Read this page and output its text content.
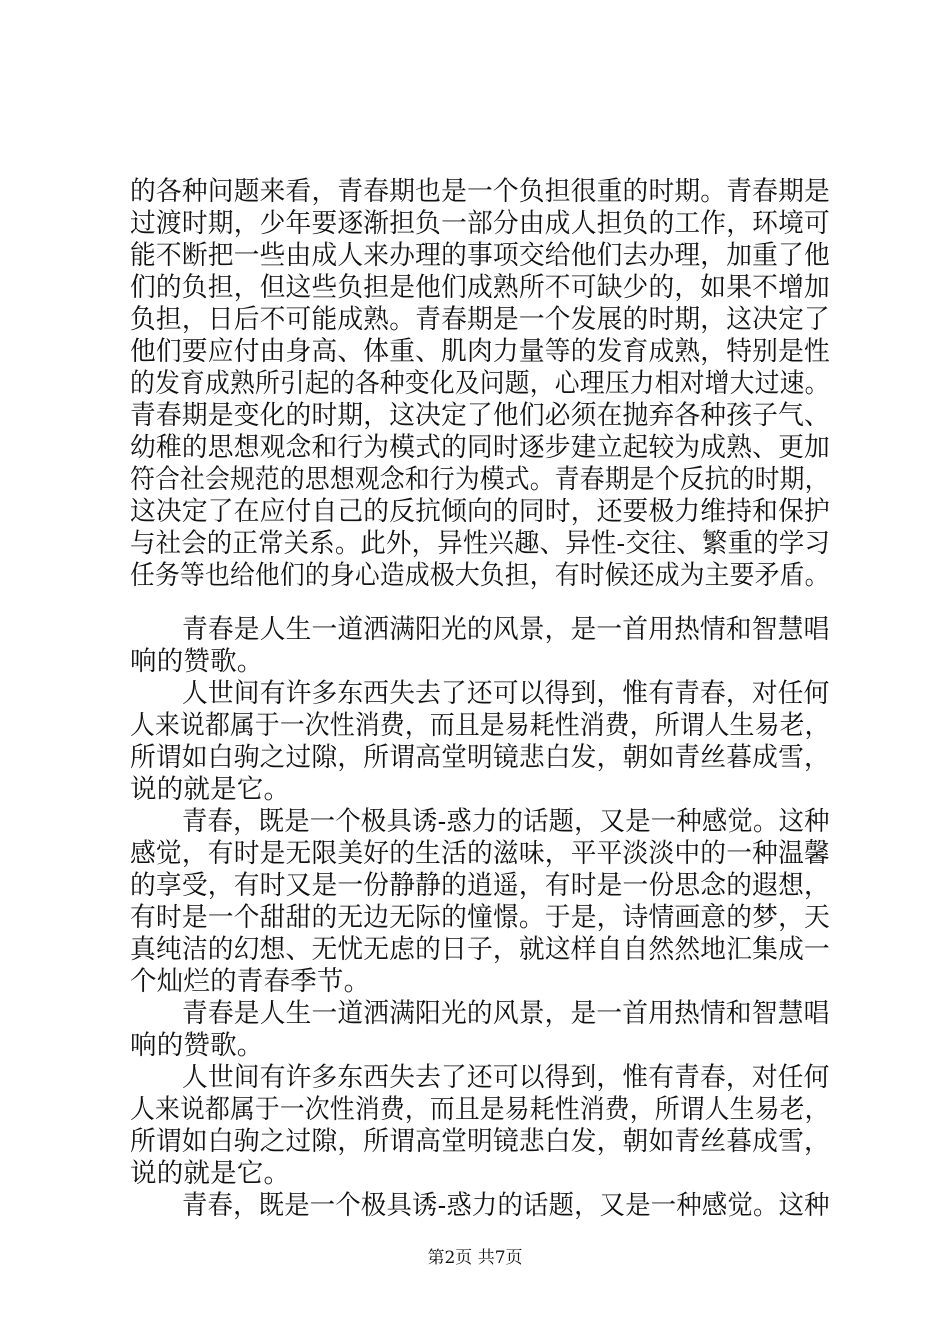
的各种问题来看，青春期也是一个负担很重的时期。青春期是
过渡时期，少年要逐渐担负一部分由成人担负的工作，环境可
能不断把一些由成人来办理的事项交给他们去办理，加重了他
们的负担，但这些负担是他们成熟所不可缺少的，如果不增加
负担，日后不可能成熟。青春期是一个发展的时期，这决定了
他们要应付由身高、体重、肌肉力量等的发育成熟，特别是性
的发育成熟所引起的各种变化及问题，心理压力相对增大过速。
青春期是变化的时期，这决定了他们必须在抛弃各种孩子气、
幼稚的思想观念和行为模式的同时逐步建立起较为成熟、更加
符合社会规范的思想观念和行为模式。青春期是个反抗的时期，
这决定了在应付自己的反抗倾向的同时，还要极力维持和保护
与社会的正常关系。此外，异性兴趣、异性-交往、繁重的学习
任务等也给他们的身心造成极大负担，有时候还成为主要矛盾。
青春是人生一道洒满阳光的风景，是一首用热情和智慧唱
响的赞歌。
人世间有许多东西失去了还可以得到，惟有青春，对任何
人来说都属于一次性消费，而且是易耗性消费，所谓人生易老，
所谓如白驹之过隙，所谓高堂明镜悲白发，朝如青丝暮成雪，
说的就是它。
青春，既是一个极具诱-惑力的话题，又是一种感觉。这种
感觉，有时是无限美好的生活的滋味，平平淡淡中的一种温馨
的享受，有时又是一份静静的逍遥，有时是一份思念的遐想，
有时是一个甜甜的无边无际的憧憬。于是，诗情画意的梦，天
真纯洁的幻想、无忧无虑的日子，就这样自自然然地汇集成一
个灿烂的青春季节。
青春是人生一道洒满阳光的风景，是一首用热情和智慧唱
响的赞歌。
人世间有许多东西失去了还可以得到，惟有青春，对任何
人来说都属于一次性消费，而且是易耗性消费，所谓人生易老，
所谓如白驹之过隙，所谓高堂明镜悲白发，朝如青丝暮成雪，
说的就是它。
青春，既是一个极具诱-惑力的话题，又是一种感觉。这种
第2页 共7页
